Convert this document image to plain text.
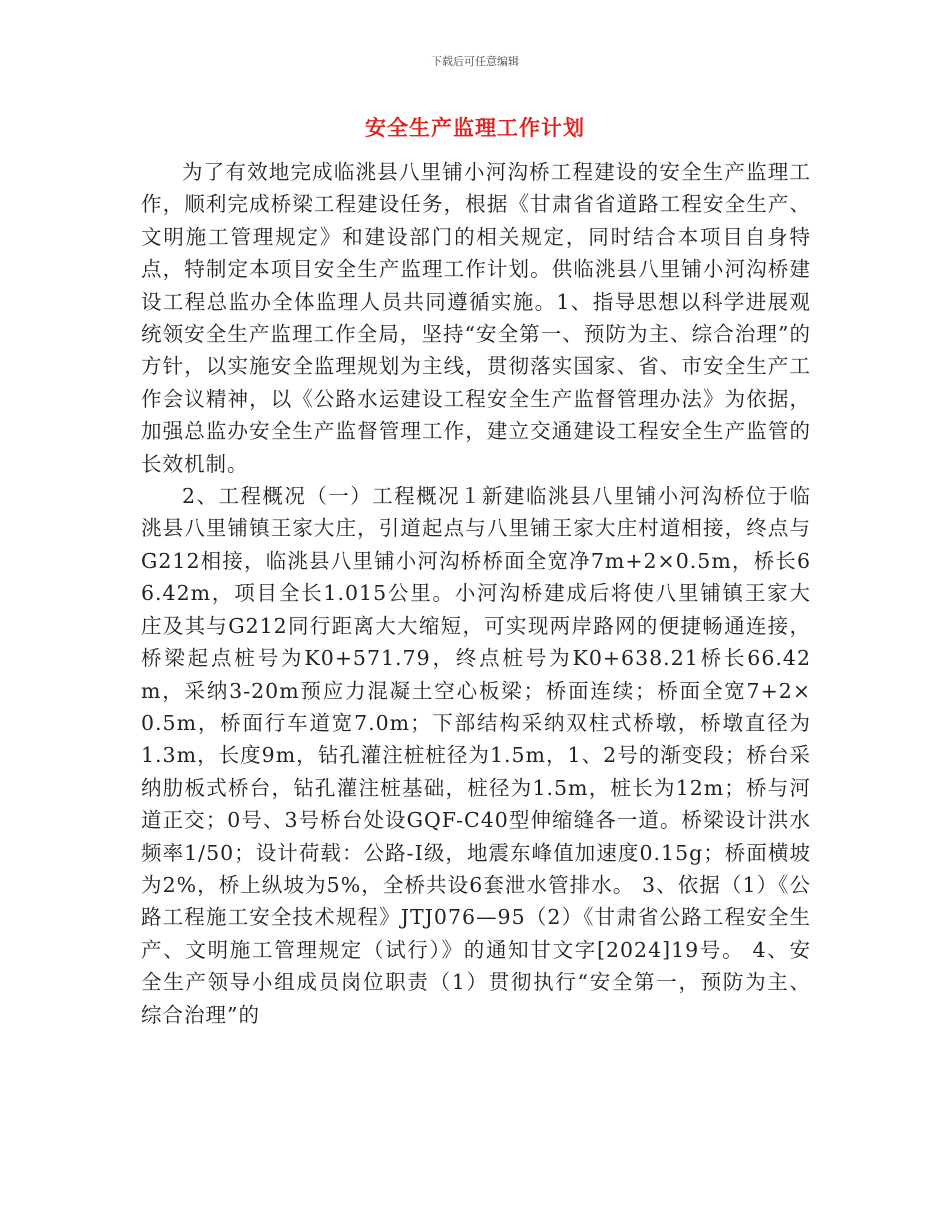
下载后可任意编辑
安全生产监理工作计划

为了有效地完成临洮县八里铺小河沟桥工程建设的安全生产监理工作，顺利完成桥梁工程建设任务，根据《甘肃省省道路工程安全生产、文明施工管理规定》和建设部门的相关规定，同时结合本项目自身特点，特制定本项目安全生产监理工作计划。供临洮县八里铺小河沟桥建设工程总监办全体监理人员共同遵循实施。1、指导思想以科学进展观统领安全生产监理工作全局，坚持“安全第一、预防为主、综合治理”的方针，以实施安全监理规划为主线，贯彻落实国家、省、市安全生产工作会议精神，以《公路水运建设工程安全生产监督管理办法》为依据，加强总监办安全生产监督管理工作，建立交通建设工程安全生产监管的长效机制。

2、工程概况（一）工程概况１新建临洮县八里铺小河沟桥位于临洮县八里铺镇王家大庄，引道起点与八里铺王家大庄村道相接，终点与G212相接，临洮县八里铺小河沟桥桥面全宽净7m+2×0.5m，桥长66.42m，项目全长1.015公里。小河沟桥建成后将使八里铺镇王家大庄及其与G212同行距离大大缩短，可实现两岸路网的便捷畅通连接，桥梁起点桩号为K0+571.79，终点桩号为K0+638.21桥长66.42m，采纳3-20m预应力混凝土空心板梁；桥面连续；桥面全宽7+2×0.5m，桥面行车道宽7.0m；下部结构采纳双柱式桥墩，桥墩直径为1.3m，长度9m，钻孔灌注桩桩径为1.5m，1、2号的渐变段；桥台采纳肋板式桥台，钻孔灌注桩基础，桩径为1.5m，桩长为12m；桥与河道正交；0号、3号桥台处设GQF-C40型伸缩缝各一道。桥梁设计洪水频率1/50；设计荷载：公路-Ⅰ级，地震东峰值加速度0.15g；桥面横坡为2%，桥上纵坡为5%，全桥共设6套泄水管排水。 3、依据（1）《公路工程施工安全技术规程》JTJ076—95（2）《甘肃省公路工程安全生产、文明施工管理规定（试行）》的通知甘文字[2024]19号。 4、安全生产领导小组成员岗位职责（1）贯彻执行“安全第一，预防为主、综合治理”的
